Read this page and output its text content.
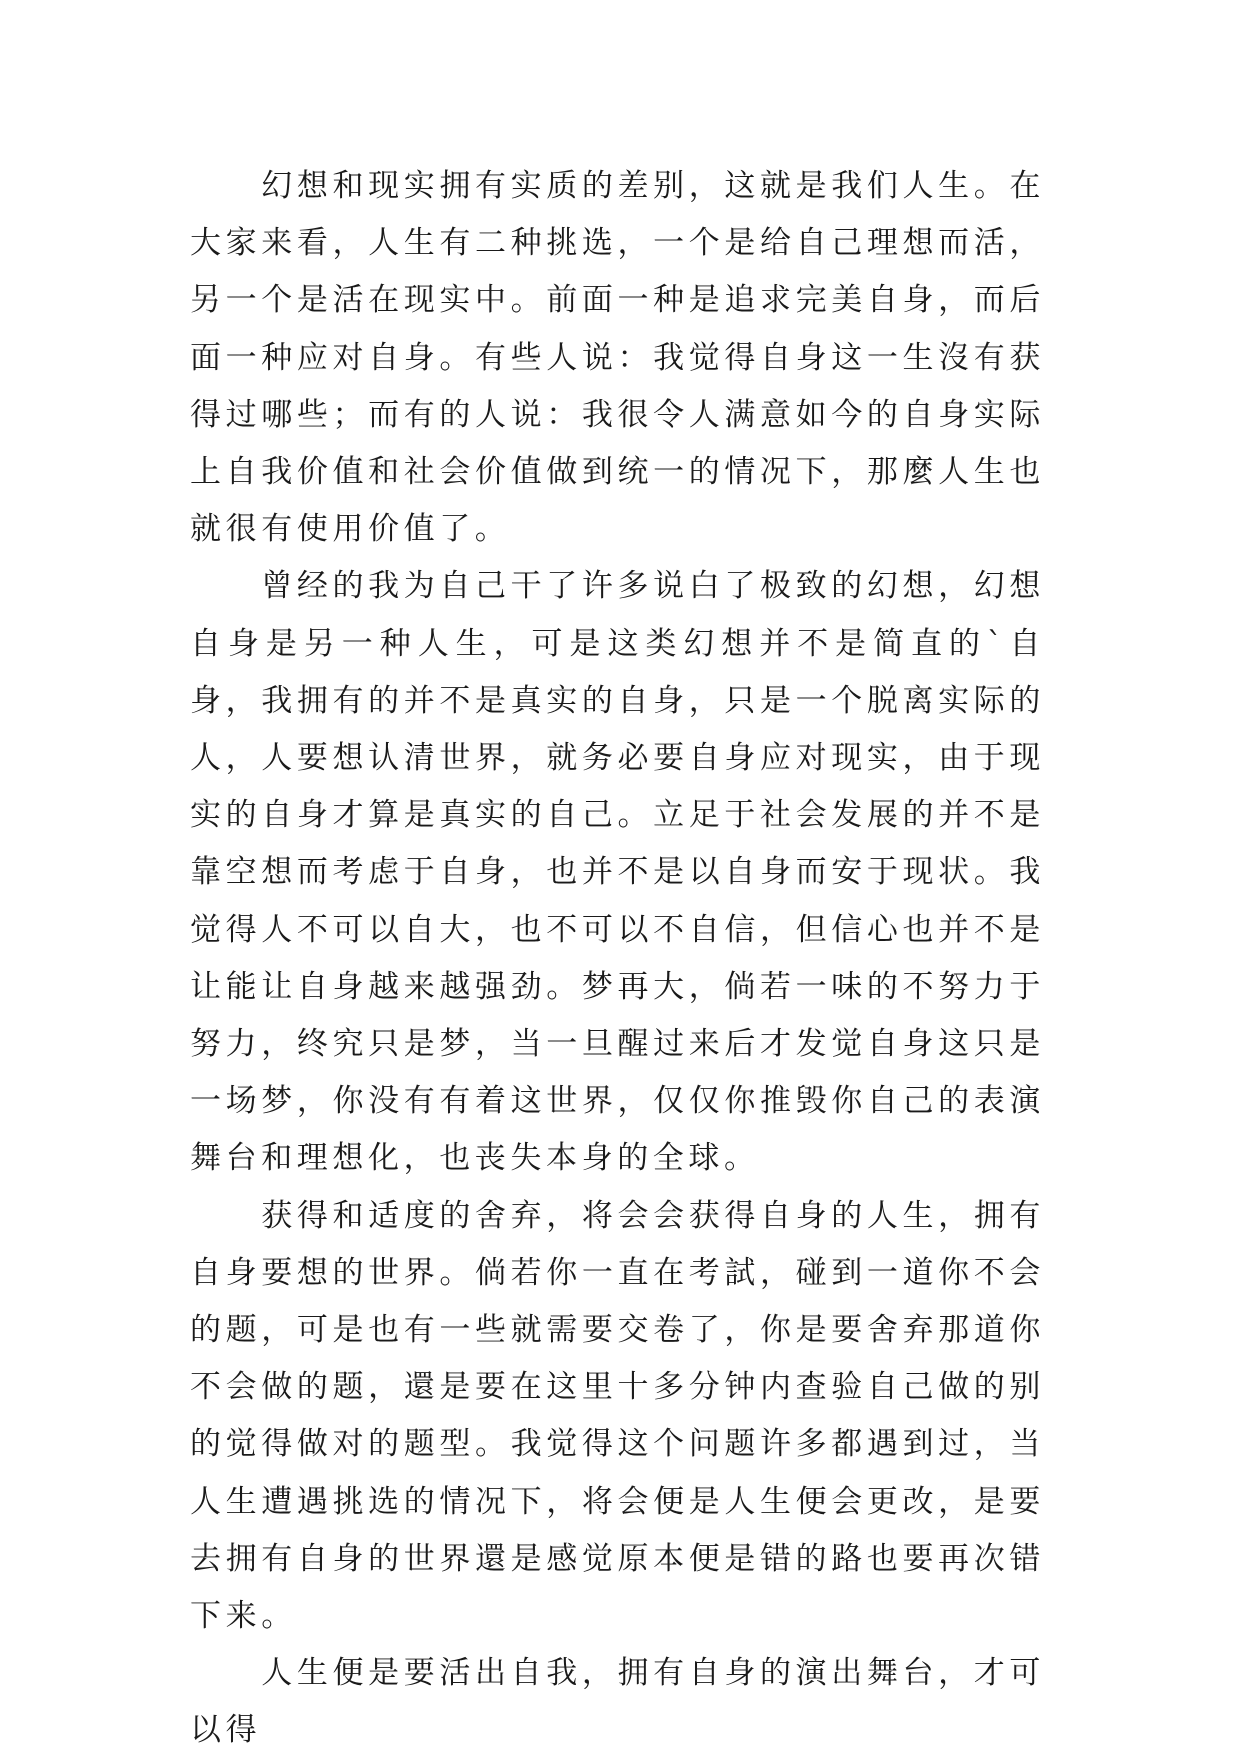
幻想和现实拥有实质的差别，这就是我们人生。在大家来看，人生有二种挑选，一个是给自己理想而活，另一个是活在现实中。前面一种是追求完美自身，而后面一种应对自身。有些人说：我觉得自身这一生沒有获得过哪些；而有的人说：我很令人满意如今的自身实际上自我价值和社会价值做到统一的情况下，那麼人生也就很有使用价值了。

曾经的我为自己干了许多说白了极致的幻想，幻想自身是另一种人生，可是这类幻想并不是简直的`自身，我拥有的并不是真实的自身，只是一个脱离实际的人，人要想认清世界，就务必要自身应对现实，由于现实的自身才算是真实的自己。立足于社会发展的并不是靠空想而考虑于自身，也并不是以自身而安于现状。我觉得人不可以自大，也不可以不自信，但信心也并不是让能让自身越来越强劲。梦再大，倘若一味的不努力于努力，终究只是梦，当一旦醒过来后才发觉自身这只是一场梦，你没有有着这世界，仅仅你推毁你自己的表演舞台和理想化，也丧失本身的全球。

获得和适度的舍弃，将会会获得自身的人生，拥有自身要想的世界。倘若你一直在考試，碰到一道你不会的题，可是也有一些就需要交卷了，你是要舍弃那道你不会做的题，還是要在这里十多分钟内查验自己做的别的觉得做对的题型。我觉得这个问题许多都遇到过，当人生遭遇挑选的情况下，将会便是人生便会更改，是要去拥有自身的世界還是感觉原本便是错的路也要再次错下来。

人生便是要活出自我，拥有自身的演出舞台，才可以得
